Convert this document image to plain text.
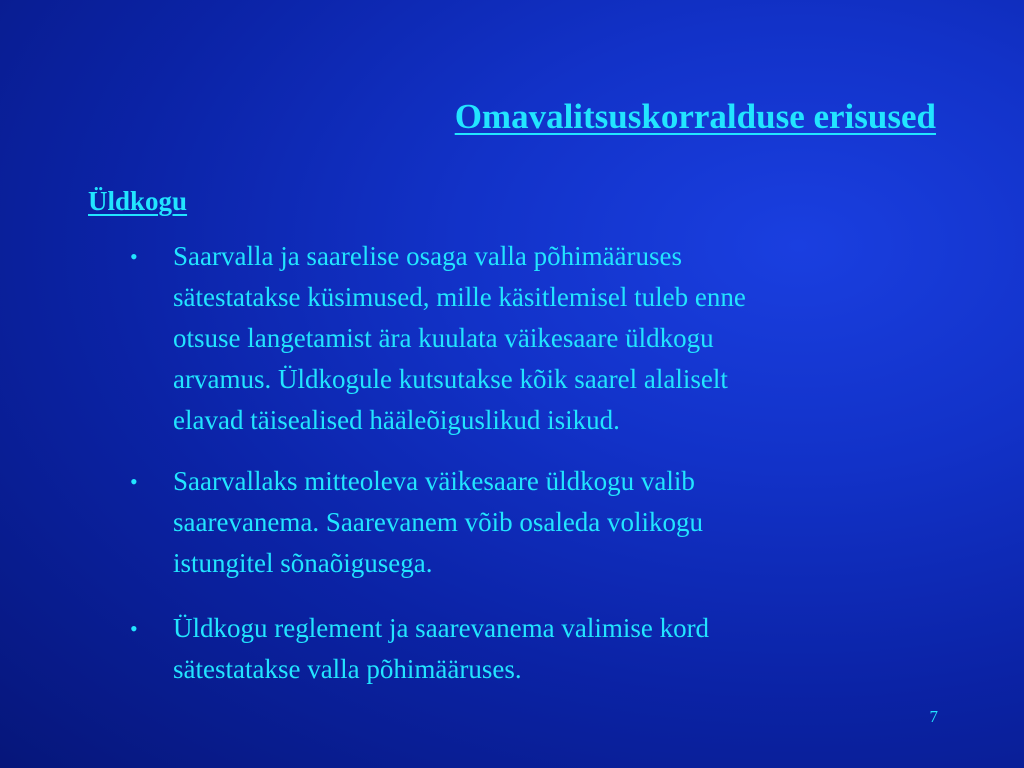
Omavalitsuskorralduse erisused
Üldkogu
• Saarvalla ja saarelise osaga valla põhimääruses
sätestatakse küsimused, mille käsitlemisel tuleb enne
otsuse langetamist ära kuulata väikesaare üldkogu
arvamus. Üldkogule kutsutakse kõik saarel alaliselt
elavad täisealised hääleõiguslikud isikud.
• Saarvallaks mitteoleva väikesaare üldkogu valib
saarevanema. Saarevanem võib osaleda volikogu
istungitel sõnaõigusega.
• Üldkogu reglement ja saarevanema valimise kord
sätestatakse valla põhimääruses.
7
